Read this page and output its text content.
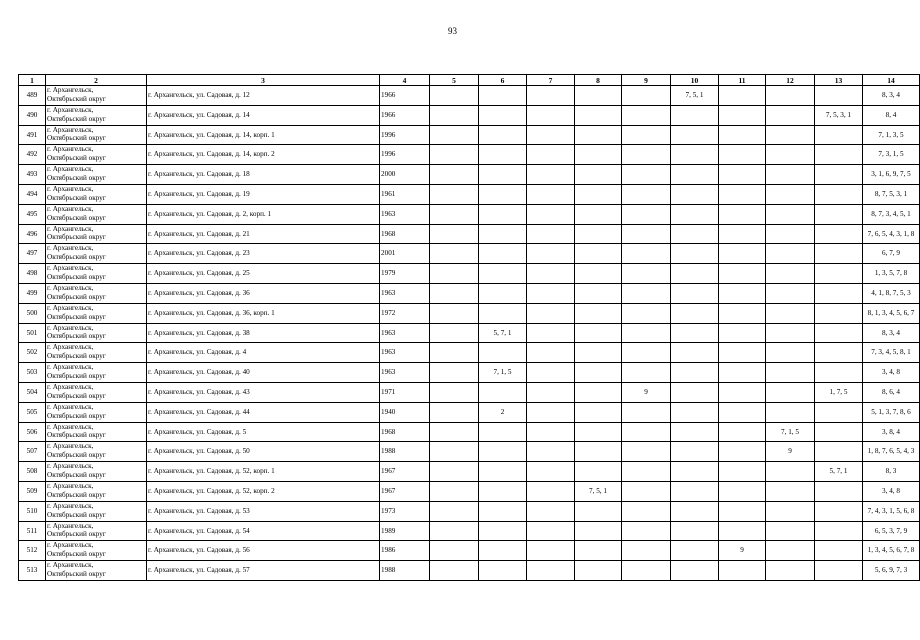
93
1	2	3	4	5	6	7	8	9	10	11	12	13	14
489	г. Архангельск,
Октябрьский округ	г. Архангельск, ул. Садовая, д. 12	1966						7, 5, 1				8, 3, 4
490	г. Архангельск,
Октябрьский округ	г. Архангельск, ул. Садовая, д. 14	1966									7, 5, 3, 1	8, 4
491	г. Архангельск,
Октябрьский округ	г. Архангельск, ул. Садовая, д. 14, корп. 1	1996										7, 1, 3, 5
492	г. Архангельск,
Октябрьский округ	г. Архангельск, ул. Садовая, д. 14, корп. 2	1996										7, 3, 1, 5
493	г. Архангельск,
Октябрьский округ	г. Архангельск, ул. Садовая, д. 18	2000										3, 1, 6, 9, 7, 5
494	г. Архангельск,
Октябрьский округ	г. Архангельск, ул. Садовая, д. 19	1961										8, 7, 5, 3, 1
495	г. Архангельск,
Октябрьский округ	г. Архангельск, ул. Садовая, д. 2, корп. 1	1963										8, 7, 3, 4, 5, 1
496	г. Архангельск,
Октябрьский округ	г. Архангельск, ул. Садовая, д. 21	1968										7, 6, 5, 4, 3, 1, 8
497	г. Архангельск,
Октябрьский округ	г. Архангельск, ул. Садовая, д. 23	2001										6, 7, 9
498	г. Архангельск,
Октябрьский округ	г. Архангельск, ул. Садовая, д. 25	1979										1, 3, 5, 7, 8
499	г. Архангельск,
Октябрьский округ	г. Архангельск, ул. Садовая, д. 36	1963										4, 1, 8, 7, 5, 3
500	г. Архангельск,
Октябрьский округ	г. Архангельск, ул. Садовая, д. 36, корп. 1	1972										8, 1, 3, 4, 5, 6, 7
501	г. Архангельск,
Октябрьский округ	г. Архангельск, ул. Садовая, д. 38	1963		5, 7, 1								8, 3, 4
502	г. Архангельск,
Октябрьский округ	г. Архангельск, ул. Садовая, д. 4	1963										7, 3, 4, 5, 8, 1
503	г. Архангельск,
Октябрьский округ	г. Архангельск, ул. Садовая, д. 40	1963		7, 1, 5								3, 4, 8
504	г. Архангельск,
Октябрьский округ	г. Архангельск, ул. Садовая, д. 43	1971					9				1, 7, 5	8, 6, 4
505	г. Архангельск,
Октябрьский округ	г. Архангельск, ул. Садовая, д. 44	1940		2								5, 1, 3, 7, 8, 6
506	г. Архангельск,
Октябрьский округ	г. Архангельск, ул. Садовая, д. 5	1968								7, 1, 5		3, 8, 4
507	г. Архангельск,
Октябрьский округ	г. Архангельск, ул. Садовая, д. 50	1988								9		1, 8, 7, 6, 5, 4, 3
508	г. Архангельск,
Октябрьский округ	г. Архангельск, ул. Садовая, д. 52, корп. 1	1967									5, 7, 1	8, 3
509	г. Архангельск,
Октябрьский округ	г. Архангельск, ул. Садовая, д. 52, корп. 2	1967				7, 5, 1						3, 4, 8
510	г. Архангельск,
Октябрьский округ	г. Архангельск, ул. Садовая, д. 53	1973										7, 4, 3, 1, 5, 6, 8
511	г. Архангельск,
Октябрьский округ	г. Архангельск, ул. Садовая, д. 54	1989										6, 5, 3, 7, 9
512	г. Архангельск,
Октябрьский округ	г. Архангельск, ул. Садовая, д. 56	1986							9			1, 3, 4, 5, 6, 7, 8
513	г. Архангельск,
Октябрьский округ	г. Архангельск, ул. Садовая, д. 57	1988										5, 6, 9, 7, 3
